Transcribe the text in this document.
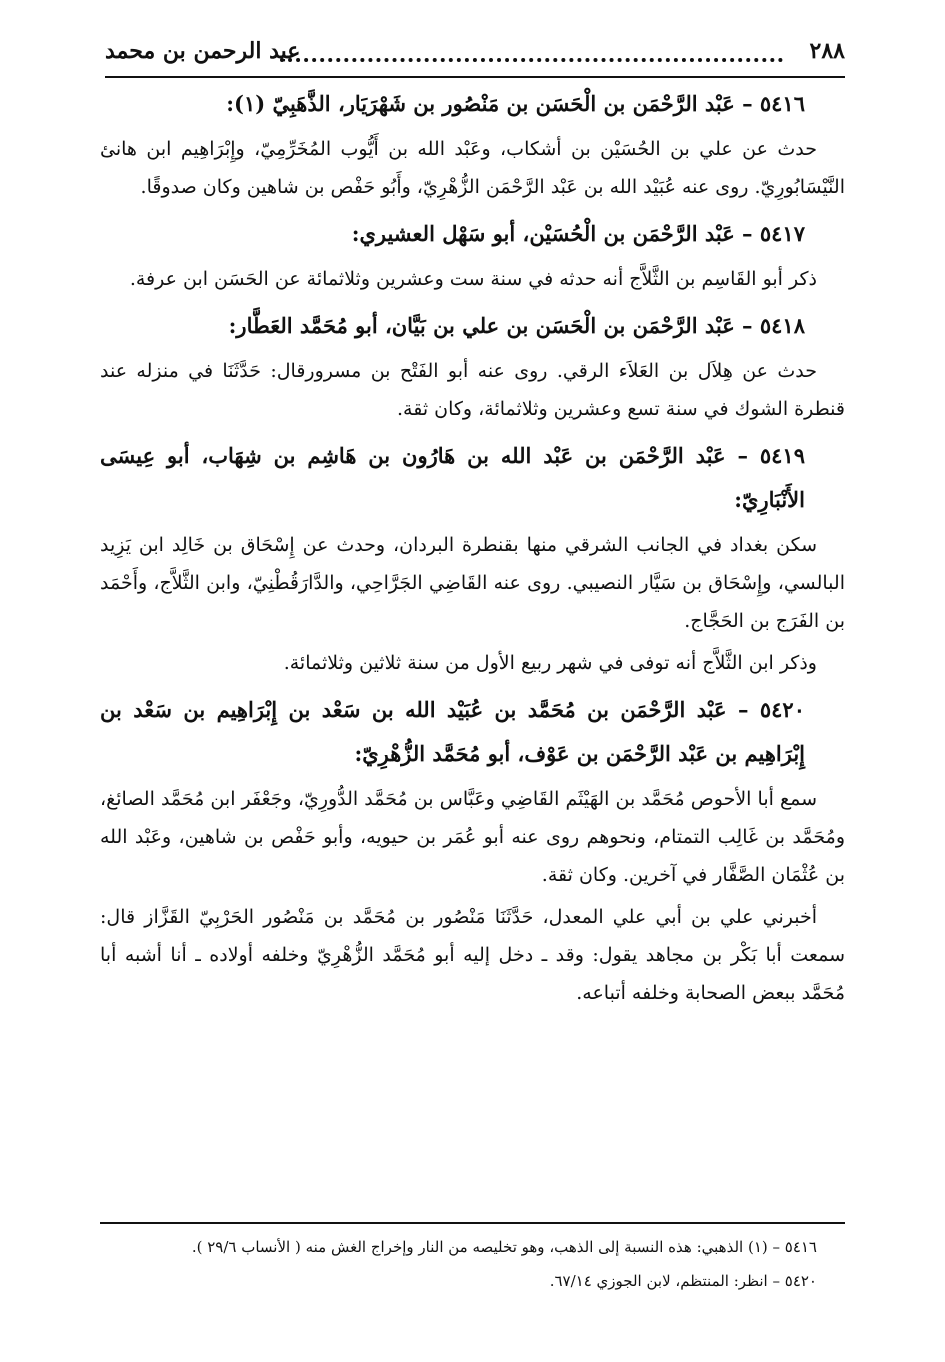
٢٨٨
عبد الرحمن بن محمد
٥٤١٦ – عَبْد الرَّحْمَن بن الْحَسَن بن مَنْصُور بن شَهْرَيَار، الذَّهَبِيّ (١):

حدث عن علي بن الحُسَيْن بن أشكاب، وعَبْد الله بن أَيُّوب المُخَرِّمِيّ، وإِبْرَاهِيم ابن هانئ النَّيْسَابُورِيّ. روى عنه عُبَيْد الله بن عَبْد الرَّحْمَن الزُّهْرِيّ، وأَبُو حَفْص بن شاهين وكان صدوقًا.

٥٤١٧ – عَبْد الرَّحْمَن بن الْحُسَيْن، أبو سَهْل العشيري:

ذكر أبو القَاسِم بن الثَّلاَّج أنه حدثه في سنة ست وعشرين وثلاثمائة عن الحَسَن ابن عرفة.

٥٤١٨ – عَبْد الرَّحْمَن بن الْحَسَن بن علي بن بَيَّان، أبو مُحَمَّد العَطَّار:

حدث عن هِلاَل بن العَلاَء الرقي. روى عنه أبو الفَتْح بن مسرورقال: حَدَّثَنَا في منزله عند قنطرة الشوك في سنة تسع وعشرين وثلاثمائة، وكان ثقة.

٥٤١٩ – عَبْد الرَّحْمَن بن عَبْد الله بن هَارُون بن هَاشِم بن شِهَاب، أبو عِيسَى الأَنْبَارِيّ:

سكن بغداد في الجانب الشرقي منها بقنطرة البردان، وحدث عن إِسْحَاق بن خَالِد ابن يَزِيد البالسي، وإِسْحَاق بن سَيَّار النصيبي. روى عنه القَاضِي الجَرَّاحِي، والدَّارَقُطْنِيّ، وابن الثَّلاَّج، وأَحْمَد بن الفَرَج بن الحَجَّاج.

وذكر ابن الثَّلاَّج أنه توفى في شهر ربيع الأول من سنة ثلاثين وثلاثمائة.

٥٤٢٠ – عَبْد الرَّحْمَن بن مُحَمَّد بن عُبَيْد الله بن سَعْد بن إِبْرَاهِيم بن سَعْد بن إِبْرَاهِيم بن عَبْد الرَّحْمَن بن عَوْف، أبو مُحَمَّد الزُّهْرِيّ:

سمع أبا الأحوص مُحَمَّد بن الهَيْثَم القَاضِي وعَبَّاس بن مُحَمَّد الدُّورِيّ، وجَعْفَر ابن مُحَمَّد الصائغ، ومُحَمَّد بن غَالِب التمتام، ونحوهم روى عنه أبو عُمَر بن حيويه، وأبو حَفْص بن شاهين، وعَبْد الله بن عُثْمَان الصَّفَّار في آخرين. وكان ثقة.

أخبرني علي بن أبي علي المعدل، حَدَّثَنَا مَنْصُور بن مُحَمَّد بن مَنْصُور الحَرْبِيّ القَزَّاز قال: سمعت أبا بَكْر بن مجاهد يقول: وقد ـ دخل إليه أبو مُحَمَّد الزُّهْرِيّ وخلفه أولاده ـ أنا أشبه أبا مُحَمَّد ببعض الصحابة وخلفه أتباعه.

٥٤١٦ – (١) الذهبي: هذه النسبة إلى الذهب، وهو تخليصه من النار وإخراج الغش منه ( الأنساب ٢٩/٦ ).

٥٤٢٠ – انظر: المنتظم، لابن الجوزي ٦٧/١٤.
